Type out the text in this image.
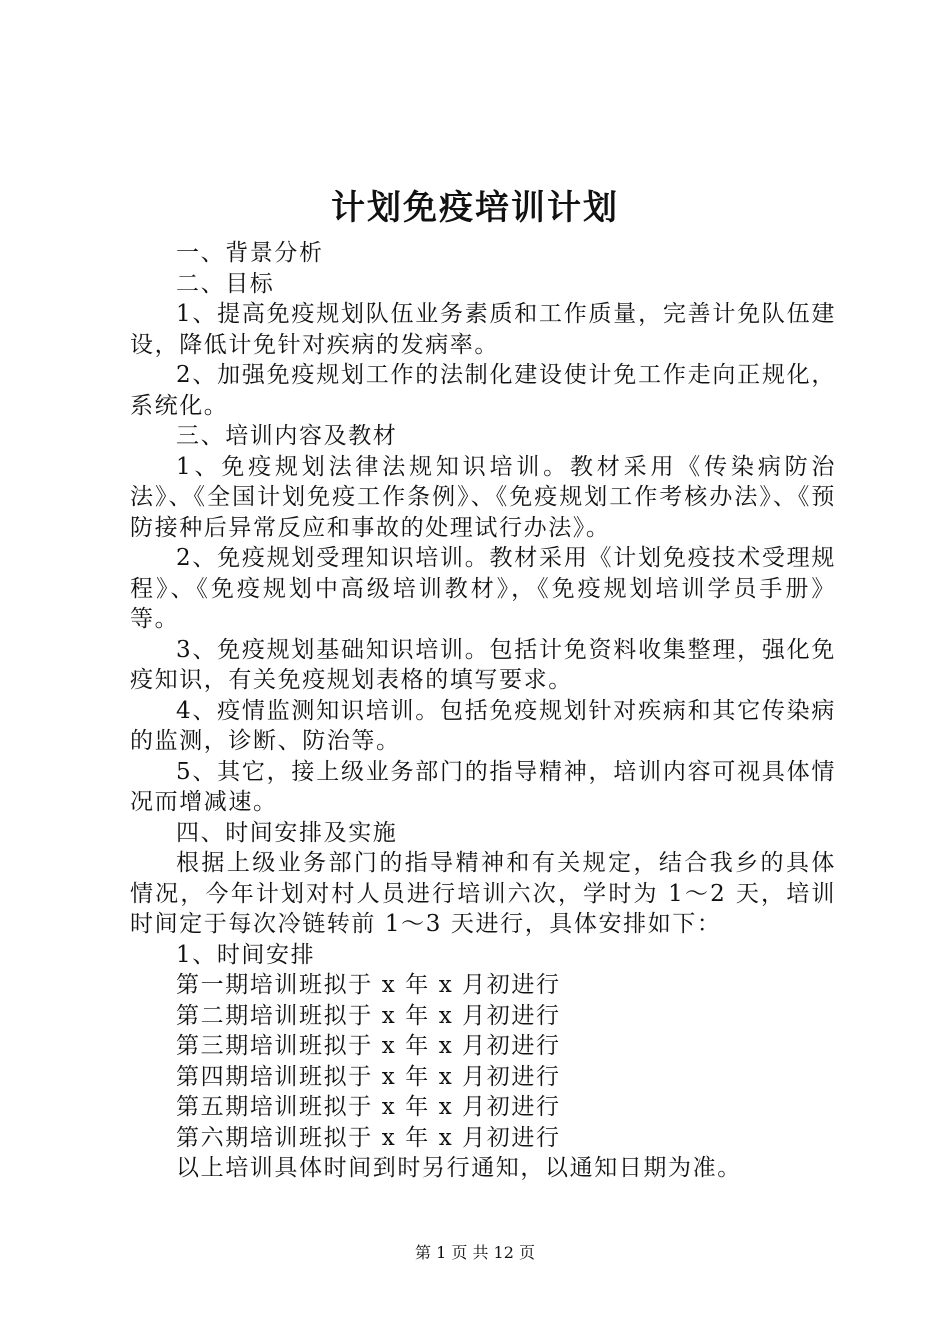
计划免疫培训计划

一、背景分析

二、目标

1、提高免疫规划队伍业务素质和工作质量，完善计免队伍建设，降低计免针对疾病的发病率。

2、加强免疫规划工作的法制化建设使计免工作走向正规化，系统化。

三、培训内容及教材

1、免疫规划法律法规知识培训。教材采用《传染病防治法》、《全国计划免疫工作条例》、《免疫规划工作考核办法》、《预防接种后异常反应和事故的处理试行办法》。

2、免疫规划受理知识培训。教材采用《计划免疫技术受理规程》、《免疫规划中高级培训教材》，《免疫规划培训学员手册》等。

3、免疫规划基础知识培训。包括计免资料收集整理，强化免疫知识，有关免疫规划表格的填写要求。

4、疫情监测知识培训。包括免疫规划针对疾病和其它传染病的监测，诊断、防治等。

5、其它，接上级业务部门的指导精神，培训内容可视具体情况而增减速。

四、时间安排及实施

根据上级业务部门的指导精神和有关规定，结合我乡的具体情况，今年计划对村人员进行培训六次，学时为 1～2 天，培训时间定于每次冷链转前 1～3 天进行，具体安排如下：

1、时间安排

第一期培训班拟于 x 年 x 月初进行

第二期培训班拟于 x 年 x 月初进行

第三期培训班拟于 x 年 x 月初进行

第四期培训班拟于 x 年 x 月初进行

第五期培训班拟于 x 年 x 月初进行

第六期培训班拟于 x 年 x 月初进行

以上培训具体时间到时另行通知，以通知日期为准。

第 1 页 共 12 页
